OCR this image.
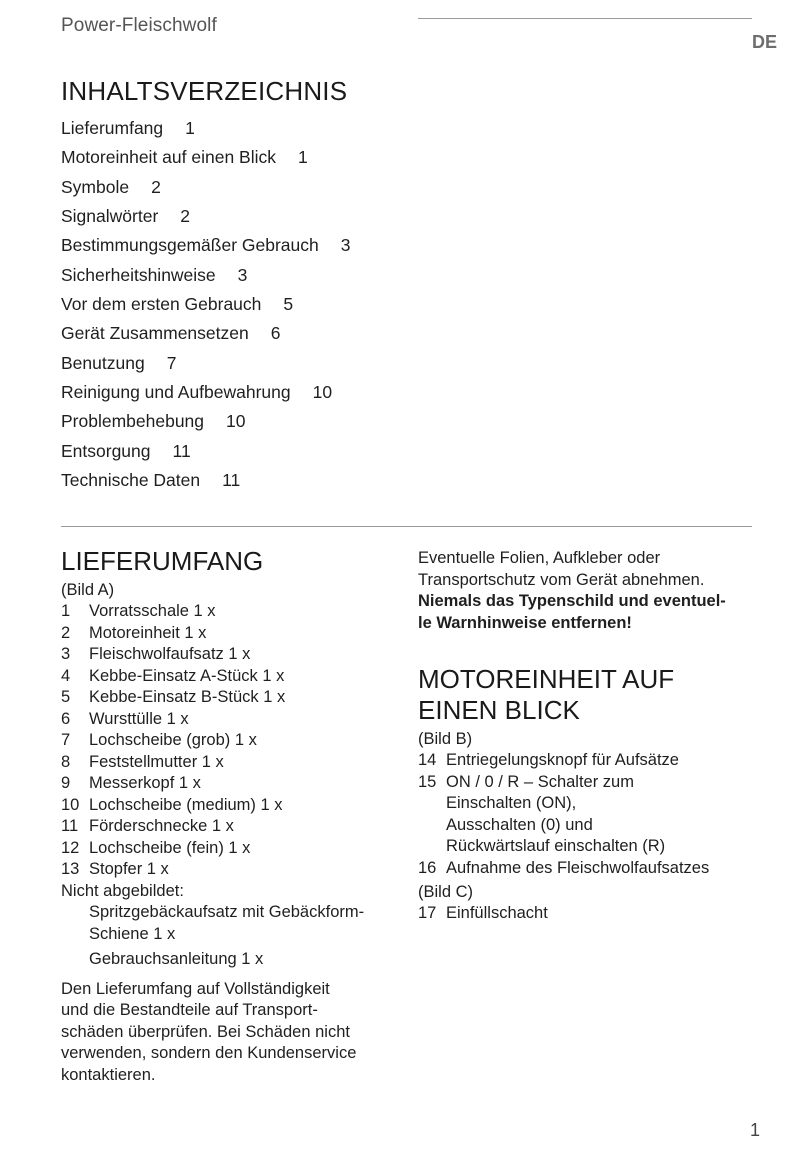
Power-Fleischwolf
DE
INHALTSVERZEICHNIS
Lieferumfang 1
Motoreinheit auf einen Blick 1
Symbole 2
Signalwörter 2
Bestimmungsgemäßer Gebrauch 3
Sicherheitshinweise 3
Vor dem ersten Gebrauch 5
Gerät Zusammensetzen 6
Benutzung 7
Reinigung und Aufbewahrung 10
Problembehebung 10
Entsorgung 11
Technische Daten 11
LIEFERUMFANG
(Bild A)
1	Vorratsschale 1 x
2	Motoreinheit 1 x
3	Fleischwolfaufsatz 1 x
4	Kebbe-Einsatz A-Stück 1 x
5	Kebbe-Einsatz B-Stück 1 x
6	Wursttülle 1 x
7	Lochscheibe (grob) 1 x
8	Feststellmutter 1 x
9	Messerkopf 1 x
10 Lochscheibe (medium) 1 x
11 Förderschnecke 1 x
12 Lochscheibe (fein) 1 x
13 Stopfer 1 x
Nicht abgebildet:
Spritzgebäckaufsatz mit Gebäckform-
Schiene 1 x
Gebrauchsanleitung 1 x
Den Lieferumfang auf Vollständigkeit
und die Bestandteile auf Transport-
schäden überprüfen. Bei Schäden nicht
verwenden, sondern den Kundenservice
kontaktieren.
Eventuelle Folien, Aufkleber oder
Transportschutz vom Gerät abnehmen.
Niemals das Typenschild und eventuel-
le Warnhinweise entfernen!
MOTOREINHEIT AUF
EINEN BLICK
(Bild B)
14 Entriegelungsknopf für Aufsätze
15 ON / 0 / R – Schalter zum
Einschalten (ON),
Ausschalten (0) und
Rückwärtslauf einschalten (R)
16 Aufnahme des Fleischwolfaufsatzes
(Bild C)
17 Einfüllschacht
1
